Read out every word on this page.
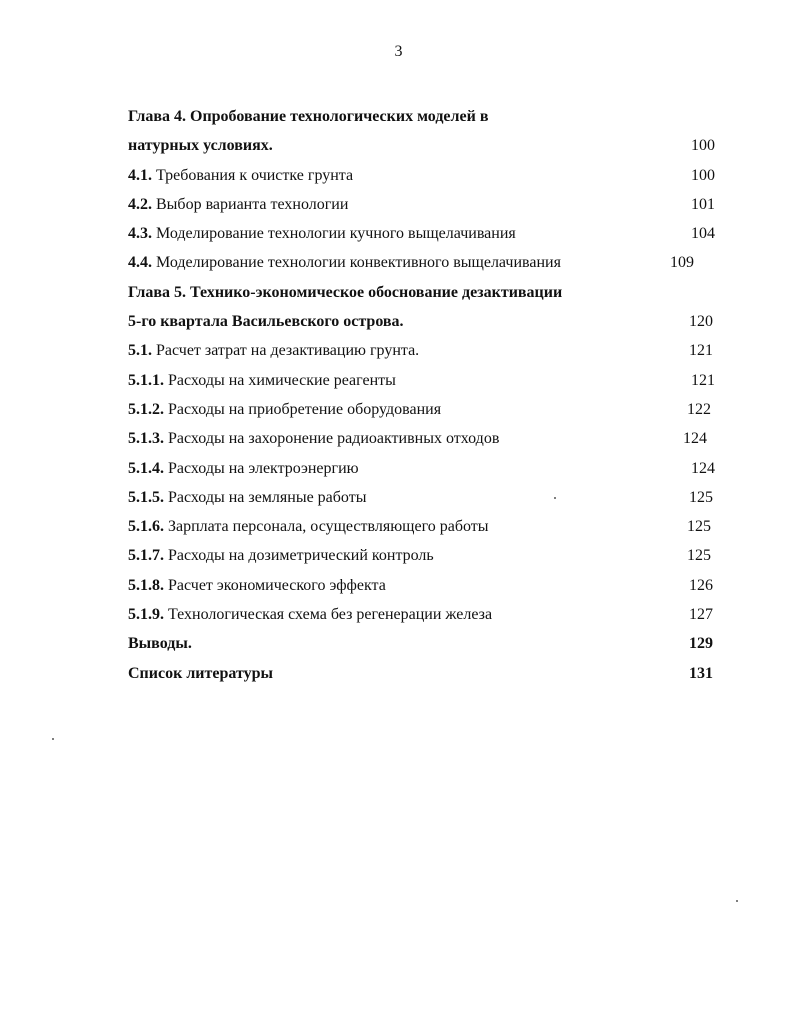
3
Глава 4. Опробование технологических моделей в
натурных условиях.	100
4.1. Требования к очистке грунта	100
4.2. Выбор варианта технологии	101
4.3. Моделирование технологии кучного выщелачивания	104
4.4. Моделирование технологии конвективного выщелачивания	109
Глава 5. Технико-экономическое обоснование дезактивации
5-го квартала Васильевского острова.	120
5.1. Расчет затрат на дезактивацию грунта.	121
5.1.1. Расходы на химические реагенты	121
5.1.2. Расходы на приобретение оборудования	122
5.1.3. Расходы на захоронение радиоактивных отходов	124
5.1.4. Расходы на электроэнергию	124
5.1.5. Расходы на земляные работы	125
5.1.6. Зарплата персонала, осуществляющего работы	125
5.1.7. Расходы на дозиметрический контроль	125
5.1.8. Расчет экономического эффекта	126
5.1.9. Технологическая схема без регенерации железа	127
Выводы.	129
Список литературы	131
